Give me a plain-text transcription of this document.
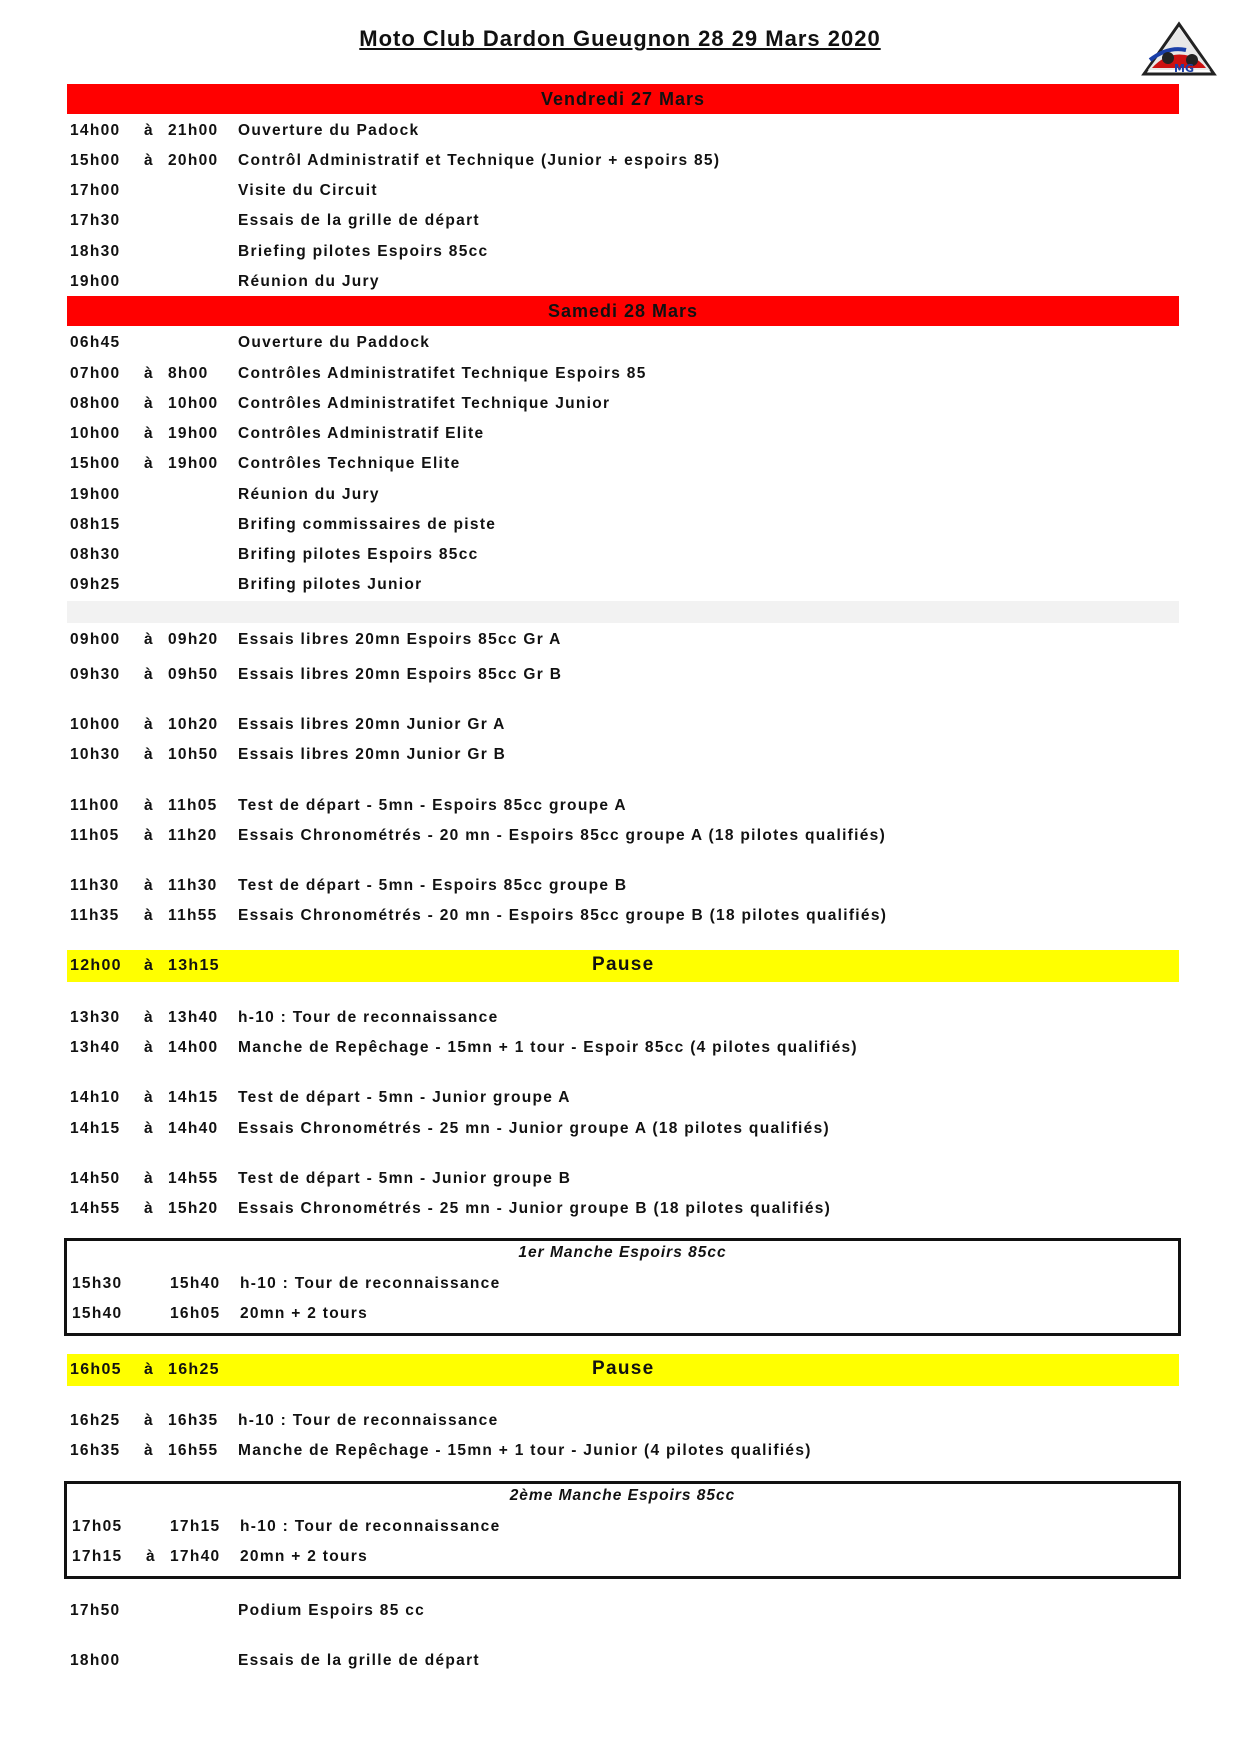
Moto Club Dardon Gueugnon 28 29 Mars 2020
MG
Vendredi 27 Mars
14h00 à 21h00 Ouverture du Padock
15h00 à 20h00 Contrôl Administratif et Technique (Junior + espoirs 85)
17h00	Visite du Circuit
17h30	Essais de la grille de départ
18h30	Briefing pilotes Espoirs 85cc
19h00	Réunion du Jury
Samedi 28 Mars
06h45	Ouverture du Paddock
07h00 à 8h00 Contrôles Administratifet Technique Espoirs 85
08h00 à 10h00 Contrôles Administratifet Technique Junior
10h00 à 19h00 Contrôles Administratif Elite
15h00 à 19h00 Contrôles Technique Elite
19h00	Réunion du Jury
08h15	Brifing commissaires de piste
08h30	Brifing pilotes Espoirs 85cc
09h25	Brifing pilotes Junior
09h00 à 09h20 Essais libres 20mn Espoirs 85cc Gr A
09h30 à 09h50 Essais libres 20mn Espoirs 85cc Gr B
10h00 à 10h20 Essais libres 20mn Junior Gr A
10h30 à 10h50 Essais libres 20mn Junior Gr B
11h00 à 11h05 Test de départ - 5mn - Espoirs 85cc groupe A
11h05 à 11h20 Essais Chronométrés - 20 mn - Espoirs 85cc groupe A (18 pilotes qualifiés)
11h30 à 11h30 Test de départ - 5mn - Espoirs 85cc groupe B
11h35 à 11h55 Essais Chronométrés - 20 mn - Espoirs 85cc groupe B (18 pilotes qualifiés)
12h00 à 13h15	Pause
13h30 à 13h40 h-10 : Tour de reconnaissance
13h40 à 14h00 Manche de Repêchage - 15mn + 1 tour - Espoir 85cc (4 pilotes qualifiés)
14h10 à 14h15 Test de départ - 5mn - Junior groupe A
14h15 à 14h40 Essais Chronométrés - 25 mn - Junior groupe A (18 pilotes qualifiés)
14h50 à 14h55 Test de départ - 5mn - Junior groupe B
14h55 à 15h20 Essais Chronométrés - 25 mn - Junior groupe B (18 pilotes qualifiés)
1er Manche Espoirs 85cc
15h30	15h40 h-10 : Tour de reconnaissance
15h40	16h05 20mn + 2 tours
16h05 à 16h25	Pause
16h25 à 16h35 h-10 : Tour de reconnaissance
16h35 à 16h55 Manche de Repêchage - 15mn + 1 tour - Junior (4 pilotes qualifiés)
2ème Manche Espoirs 85cc
17h05	17h15 h-10 : Tour de reconnaissance
17h15 à 17h40 20mn + 2 tours
17h50	Podium Espoirs 85 cc
18h00	Essais de la grille de départ
